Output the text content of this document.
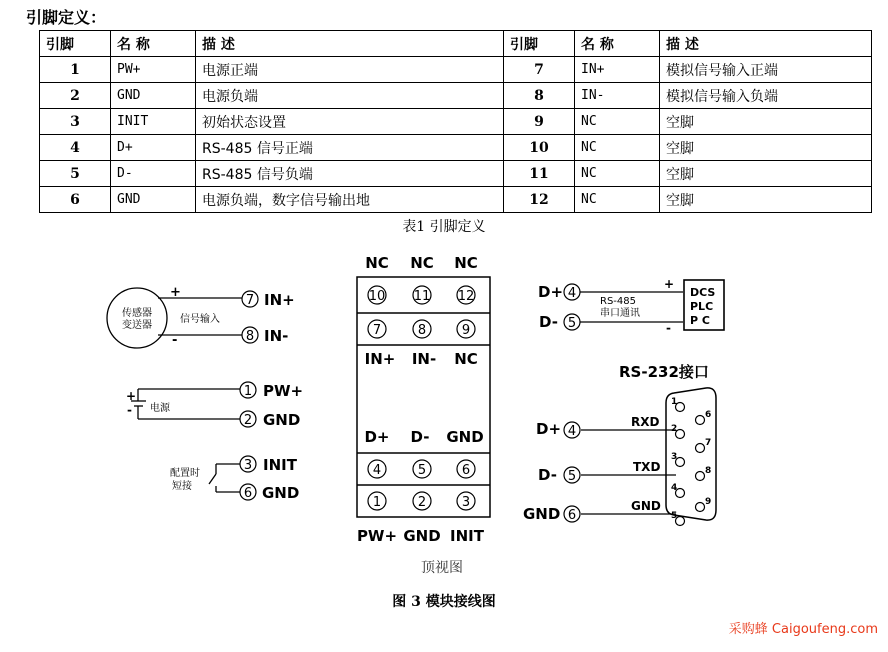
引脚定义：
引脚	名 称	描 述	引脚	名 称	描 述
1	PW+	电源正端	7	IN+	模拟信号输入正端
2	GND	电源负端	8	IN-	模拟信号输入负端
3	INIT	初始状态设置	9	NC	空脚
4	D+	RS-485 信号正端	10	NC	空脚
5	D-	RS-485 信号负端	11	NC	空脚
6	GND	电源负端，数字信号输出地	12	NC	空脚
表1 引脚定义
传感器
变送器
+
-
信号输入
7 IN+
8 IN-
+
- 电源
1 PW+
2 GND
配置时
短接
3 INIT
6 GND
NC
10
7
4
1
PW+
NC
11
8
5
2
GND
NC
12
9
6
3
INIT
IN+
D+
IN-
D-
NC
GND
D+ 4
D- 5
RS-485
串口通讯
+
-
DCS
PLC
P C
RS-232接口
1
2
3
4
5
6
7
8
9
D+ 4
D- 5
GND 6
RXD
TXD
GND
顶视图
图 3 模块接线图
采购蜂 Caigoufeng.com
